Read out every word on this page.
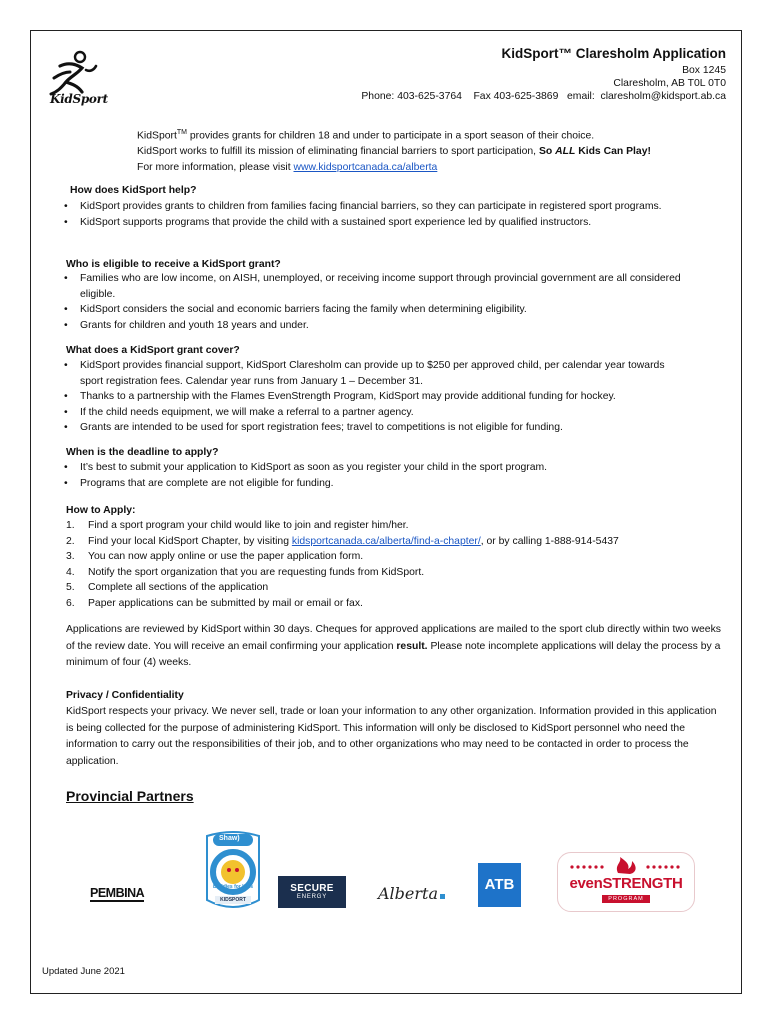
KidSport
KidSport™ Claresholm Application
Box 1245
Claresholm, AB T0L 0T0
Phone: 403-625-3764    Fax 403-625-3869   email:  claresholm@kidsport.ab.ca
KidSport™ provides grants for children 18 and under to participate in a sport season of their choice.
KidSport works to fulfill its mission of eliminating financial barriers to sport participation, So ALL Kids Can Play!
For more information, please visit www.kidsportcanada.ca/alberta
How does KidSport help?
• KidSport provides grants to children from families facing financial barriers, so they can participate in registered sport programs.
• KidSport supports programs that provide the child with a sustained sport experience led by qualified instructors.
Who is eligible to receive a KidSport grant?
• Families who are low income, on AISH, unemployed, or receiving income support through provincial government are all considered eligible.
• KidSport considers the social and economic barriers facing the family when determining eligibility.
• Grants for children and youth 18 years and under.
What does a KidSport grant cover?
• KidSport provides financial support, KidSport Claresholm can provide up to $250 per approved child, per calendar year towards sport registration fees. Calendar year runs from January 1 – December 31.
• Thanks to a partnership with the Flames EvenStrength Program, KidSport may provide additional funding for hockey.
• If the child needs equipment, we will make a referral to a partner agency.
• Grants are intended to be used for sport registration fees; travel to competitions is not eligible for funding.
When is the deadline to apply?
• It’s best to submit your application to KidSport as soon as you register your child in the sport program.
• Programs that are complete are not eligible for funding.
How to Apply:
1. Find a sport program your child would like to join and register him/her.
2. Find your local KidSport Chapter, by visiting kidsportcanada.ca/alberta/find-a-chapter/, or by calling 1-888-914-5437
3. You can now apply online or use the paper application form.
4. Notify the sport organization that you are requesting funds from KidSport.
5. Complete all sections of the application
6. Paper applications can be submitted by mail or email or fax.
Applications are reviewed by KidSport within 30 days. Cheques for approved applications are mailed to the sport club directly within two weeks of the review date. You will receive an email confirming your application result. Please note incomplete applications will delay the process by a minimum of four (4) weeks.
Privacy / Confidentiality
KidSport respects your privacy. We never sell, trade or loan your information to any other organization. Information provided in this application is being collected for the purpose of administering KidSport. This information will only be disclosed to KidSport personnel who need the information to carry out the responsibilities of their job, and to other organizations who may need to be contacted in order to process the application.
Provincial Partners
PEMBINA
Shaw)
Buddies for Kids
KIDSPORT
SECURE
ENERGY	Alberta	ATB	evenSTRENGTH
PROGRAM
Updated June 2021
